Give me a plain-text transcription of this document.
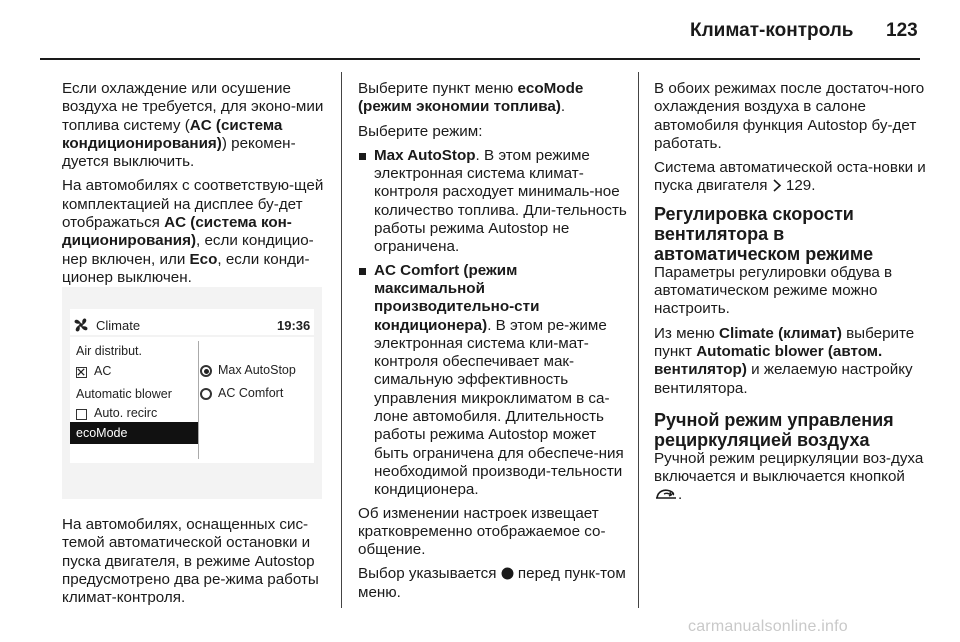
Климат-контроль 123

Если охлаждение или осушение воздуха не требуется, для эконо-мии топлива систему (AC (система кондиционирования)) рекомен-дуется выключить.

На автомобилях с соответствую-щей комплектацией на дисплее бу-дет отображаться AC (система кон-диционирования), если кондицио-нер включен, или Eco, если конди-ционер выключен.

Climate	19:36
Air distribut.
AC
Automatic blower
Auto. recirc
ecoMode
Max AutoStop
AC Comfort

На автомобилях, оснащенных сис-темой автоматической остановки и пуска двигателя, в режиме Autostop предусмотрено два ре-жима работы климат-контроля.

Выберите пункт меню ecoMode (режим экономии топлива).

Выберите режим:

Max AutoStop. В этом режиме электронная система климат-контроля расходует минималь-ное количество топлива. Дли-тельность работы режима Autostop не ограничена.
AC Comfort (режим максимальной производительно-сти кондиционера). В этом ре-жиме электронная система кли-мат-контроля обеспечивает мак-симальную эффективность управления микроклиматом в са-лоне автомобиля. Длительность работы режима Autostop может быть ограничена для обеспече-ния необходимой производи-тельности кондиционера.

Об изменении настроек извещает кратковременно отображаемое со-общение.

Выбор указывается  перед пунк-том меню.

В обоих режимах после достаточ-ного охлаждения воздуха в салоне автомобиля функция Autostop бу-дет работать.

Система автоматической оста-новки и пуска двигателя  129.

Регулировка скорости вентилятора в автоматическом режиме

Параметры регулировки обдува в автоматическом режиме можно настроить.

Из меню Climate (климат) выберите пункт Automatic blower (автом. вентилятор) и желаемую настройку вентилятора.

Ручной режим управления рециркуляцией воздуха

Ручной режим рециркуляции воз-духа включается и выключается кнопкой .

carmanualsonline.info
